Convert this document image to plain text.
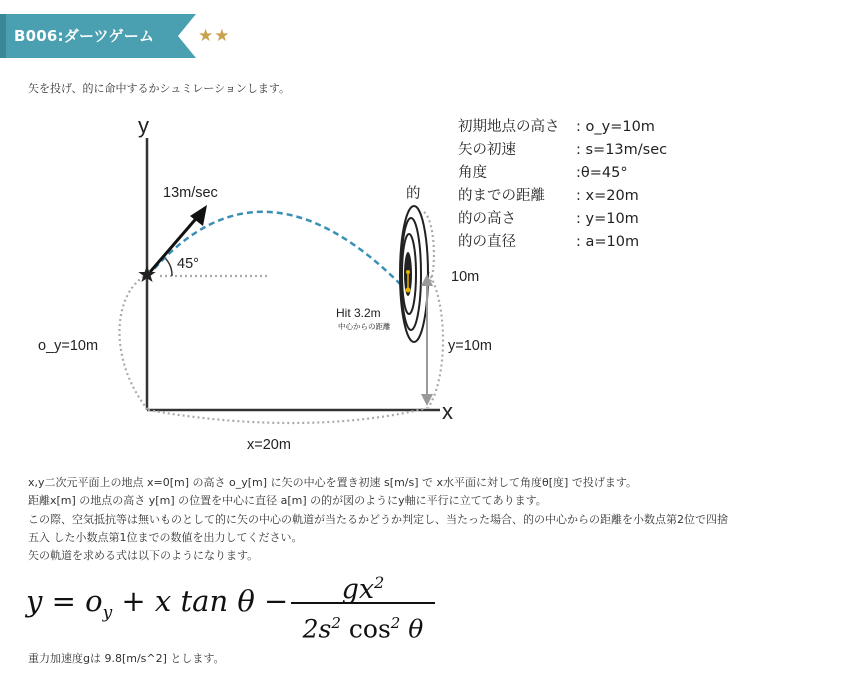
B006:ダーツゲーム	★★
矢を投げ、的に命中するかシュミレーションします。
y
x
13m/sec
45°
的
Hit 3.2m
中心からの距離
10m
o_y=10m	y=10m
x=20m
初期地点の高さ	: o_y=10m
矢の初速	: s=13m/sec
角度	:θ=45°
的までの距離	: x=20m
的の高さ	: y=10m
的の直径	: a=10m
x,y二次元平面上の地点 x=0[m] の高さ o_y[m] に矢の中心を置き初速 s[m/s] で x水平面に対して角度θ[度] で投げます。
距離x[m] の地点の高さ y[m] の位置を中心に直径 a[m] の的が図のようにy軸に平行に立ててあります。
この際、空気抵抗等は無いものとして的に矢の中心の軌道が当たるかどうか判定し、当たった場合、的の中心からの距離を小数点第2位で四捨
五入 した小数点第1位までの数値を出力してください。
矢の軌道を求める式は以下のようになります。
$y = o_y + x$ tan θ −	$gx^2$
$2s^2$ $\cos^2 \theta$
重力加速度gは 9.8[m/s^2] とします。
